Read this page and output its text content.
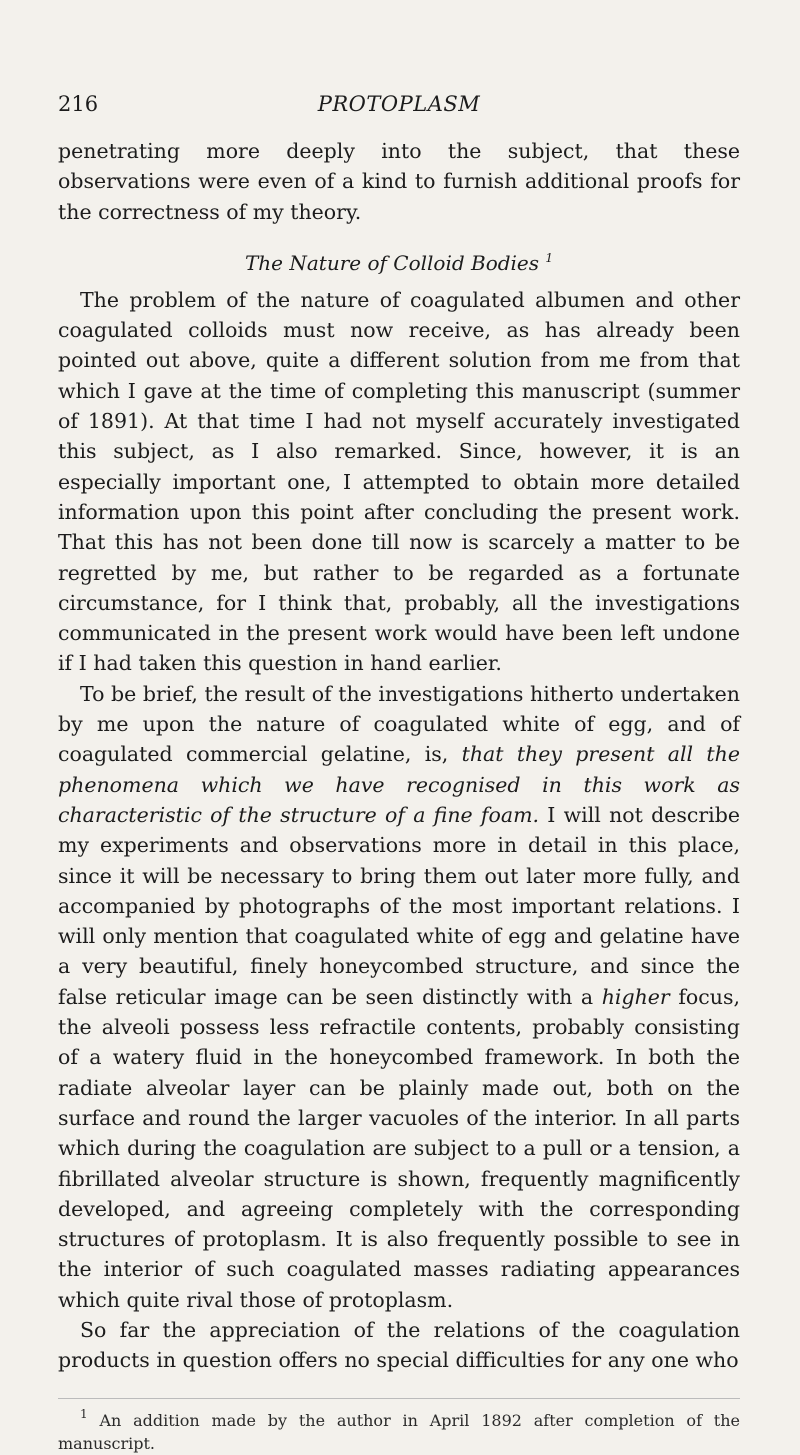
216	PROTOPLASM

penetrating more deeply into the subject, that these observations were even of a kind to furnish additional proofs for the correctness of my theory.

The Nature of Colloid Bodies $^1$

The problem of the nature of coagulated albumen and other coagulated colloids must now receive, as has already been pointed out above, quite a different solution from me from that which I gave at the time of completing this manuscript (summer of 1891). At that time I had not myself accurately investigated this subject, as I also remarked. Since, however, it is an especially important one, I attempted to obtain more detailed information upon this point after concluding the present work. That this has not been done till now is scarcely a matter to be regretted by me, but rather to be regarded as a fortunate circumstance, for I think that, probably, all the investigations communicated in the present work would have been left undone if I had taken this question in hand earlier.

To be brief, the result of the investigations hitherto undertaken by me upon the nature of coagulated white of egg, and of coagulated commercial gelatine, is, that they present all the phenomena which we have recognised in this work as characteristic of the structure of a fine foam. I will not describe my experiments and observations more in detail in this place, since it will be necessary to bring them out later more fully, and accompanied by photographs of the most important relations. I will only mention that coagulated white of egg and gelatine have a very beautiful, finely honeycombed structure, and since the false reticular image can be seen distinctly with a higher focus, the alveoli possess less refractile contents, probably consisting of a watery fluid in the honeycombed framework. In both the radiate alveolar layer can be plainly made out, both on the surface and round the larger vacuoles of the interior. In all parts which during the coagulation are subject to a pull or a tension, a fibrillated alveolar structure is shown, frequently magnificently developed, and agreeing completely with the corresponding structures of protoplasm. It is also frequently possible to see in the interior of such coagulated masses radiating appearances which quite rival those of protoplasm.

So far the appreciation of the relations of the coagulation products in question offers no special difficulties for any one who

$^1$ An addition made by the author in April 1892 after completion of the manuscript.
